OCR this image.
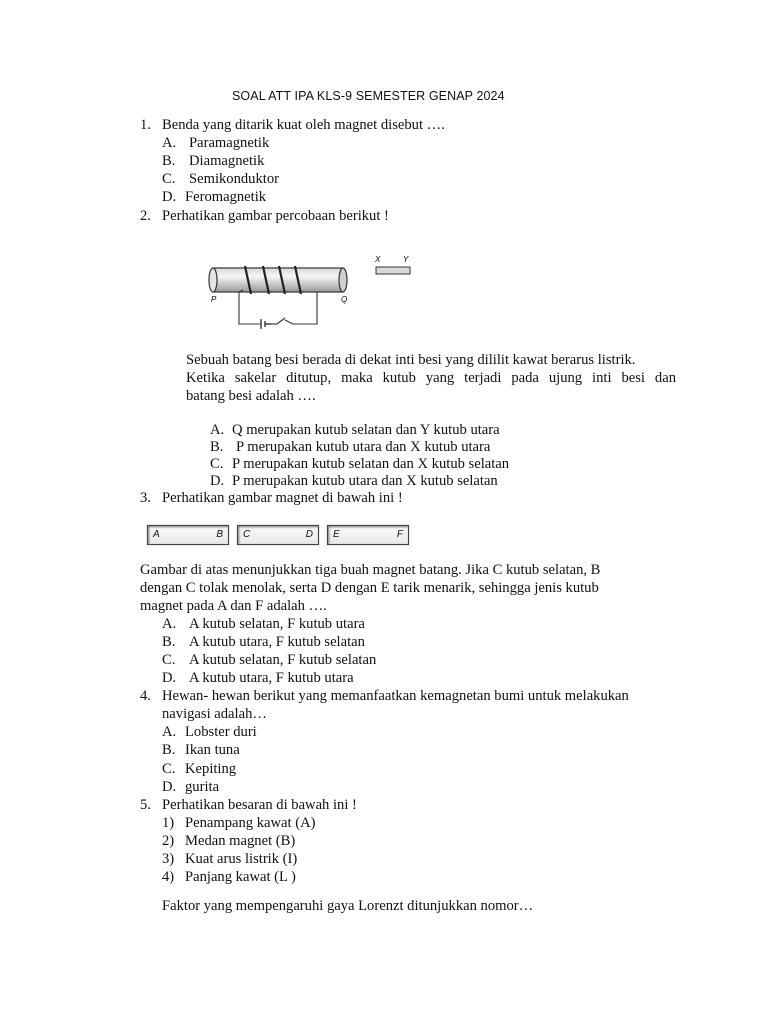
SOAL ATT IPA KLS-9 SEMESTER GENAP 2024
1. Benda yang ditarik kuat oleh magnet disebut ….
A. Paramagnetik
B. Diamagnetik
C. Semikonduktor
D. Feromagnetik
2. Perhatikan gambar percobaan berikut !
P	Q
X	Y
Sebuah batang besi berada di dekat inti besi yang dililit kawat berarus listrik.
Ketika sakelar ditutup, maka kutub yang terjadi pada ujung inti besi dan
batang besi adalah ….
A. Q merupakan kutub selatan dan Y kutub utara
B. P merupakan kutub utara dan X kutub utara
C. P merupakan kutub selatan dan X kutub selatan
D. P merupakan kutub utara dan X kutub selatan
3. Perhatikan gambar magnet di bawah ini !
A	B C	D E	F
Gambar di atas menunjukkan tiga buah magnet batang. Jika C kutub selatan, B
dengan C tolak menolak, serta D dengan E tarik menarik, sehingga jenis kutub
magnet pada A dan F adalah ….
A. A kutub selatan, F kutub utara
B. A kutub utara, F kutub selatan
C. A kutub selatan, F kutub selatan
D. A kutub utara, F kutub utara
4. Hewan- hewan berikut yang memanfaatkan kemagnetan bumi untuk melakukan
navigasi adalah…
A. Lobster duri
B. Ikan tuna
C. Kepiting
D. gurita
5. Perhatikan besaran di bawah ini !
1) Penampang kawat (A)
2) Medan magnet (B)
3) Kuat arus listrik (I)
4) Panjang kawat (L )
Faktor yang mempengaruhi gaya Lorenzt ditunjukkan nomor…
